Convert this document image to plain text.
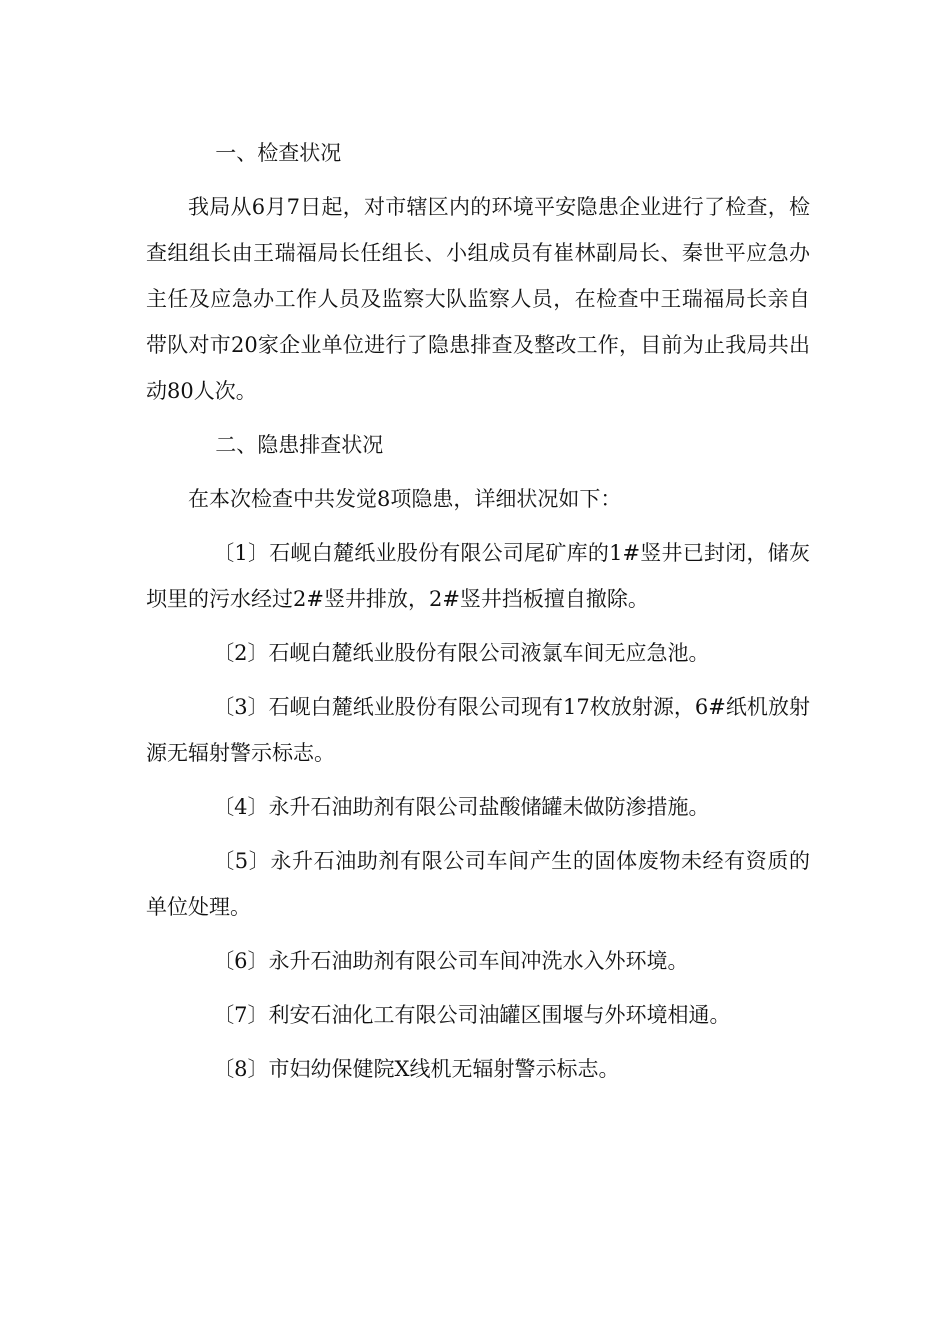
一、检查状况

我局从6月7日起，对市辖区内的环境平安隐患企业进行了检查，检查组组长由王瑞福局长任组长、小组成员有崔林副局长、秦世平应急办主任及应急办工作人员及监察大队监察人员，在检查中王瑞福局长亲自带队对市20家企业单位进行了隐患排查及整改工作，目前为止我局共出动80人次。

二、隐患排查状况

在本次检查中共发觉8项隐患，详细状况如下：

〔1〕石岘白麓纸业股份有限公司尾矿库的1#竖井已封闭，储灰坝里的污水经过2#竖井排放，2#竖井挡板擅自撤除。

〔2〕石岘白麓纸业股份有限公司液氯车间无应急池。

〔3〕石岘白麓纸业股份有限公司现有17枚放射源，6#纸机放射源无辐射警示标志。

〔4〕永升石油助剂有限公司盐酸储罐未做防渗措施。

〔5〕永升石油助剂有限公司车间产生的固体废物未经有资质的单位处理。

〔6〕永升石油助剂有限公司车间冲洗水入外环境。

〔7〕利安石油化工有限公司油罐区围堰与外环境相通。

〔8〕市妇幼保健院X线机无辐射警示标志。
